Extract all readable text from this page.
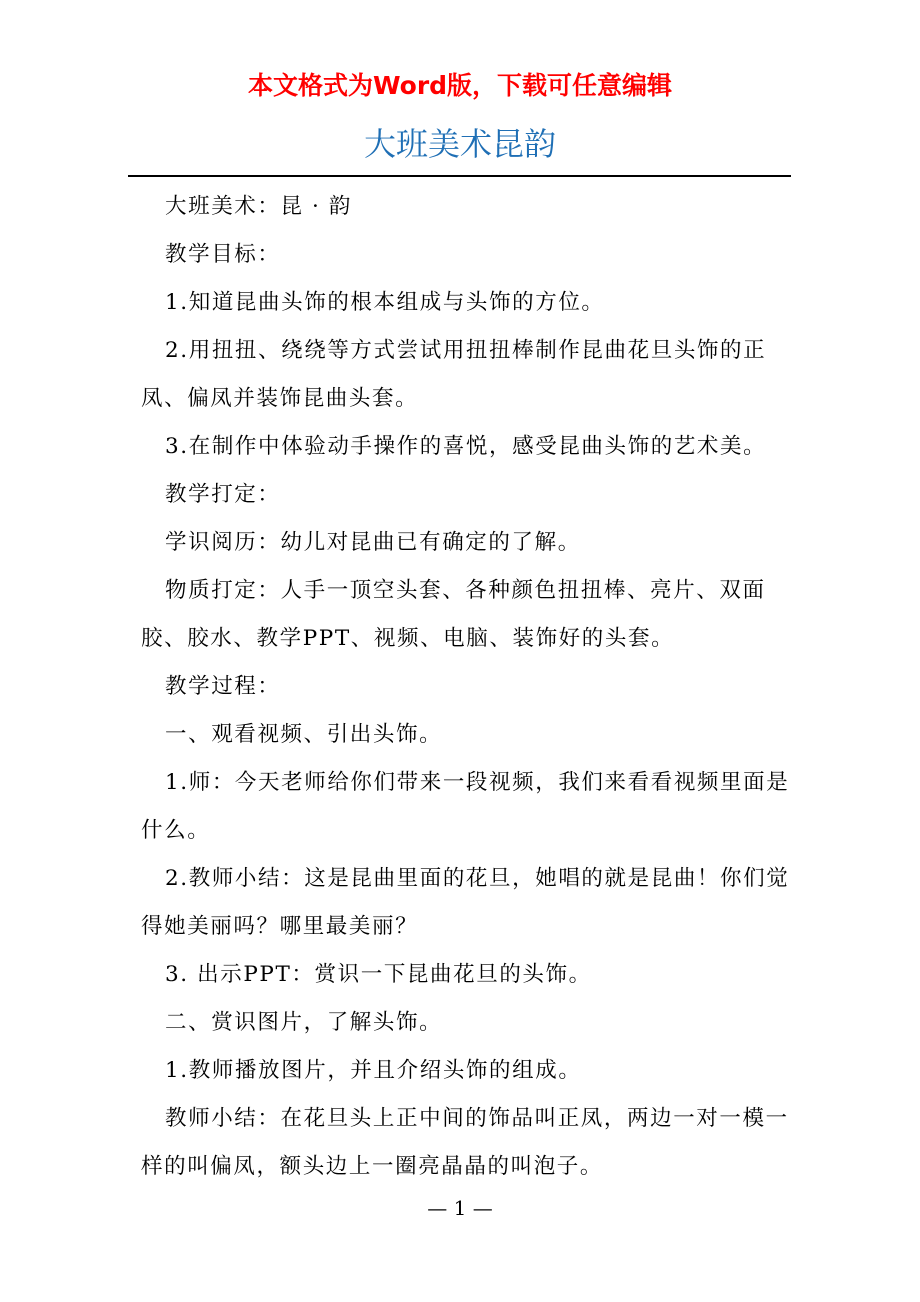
本文格式为Word版，下载可任意编辑
大班美术昆韵

大班美术：昆 · 韵

教学目标：

1.知道昆曲头饰的根本组成与头饰的方位。

2.用扭扭、绕绕等方式尝试用扭扭棒制作昆曲花旦头饰的正凤、偏凤并装饰昆曲头套。

3.在制作中体验动手操作的喜悦，感受昆曲头饰的艺术美。

教学打定：

学识阅历：幼儿对昆曲已有确定的了解。

物质打定：人手一顶空头套、各种颜色扭扭棒、亮片、双面胶、胶水、教学PPT、视频、电脑、装饰好的头套。

教学过程：

一、观看视频、引出头饰。

1.师：今天老师给你们带来一段视频，我们来看看视频里面是什么。

2.教师小结：这是昆曲里面的花旦，她唱的就是昆曲！你们觉得她美丽吗？哪里最美丽？

3. 出示PPT：赏识一下昆曲花旦的头饰。

二、赏识图片，了解头饰。

1.教师播放图片，并且介绍头饰的组成。

教师小结：在花旦头上正中间的饰品叫正凤，两边一对一模一样的叫偏凤，额头边上一圈亮晶晶的叫泡子。

— 1 —
